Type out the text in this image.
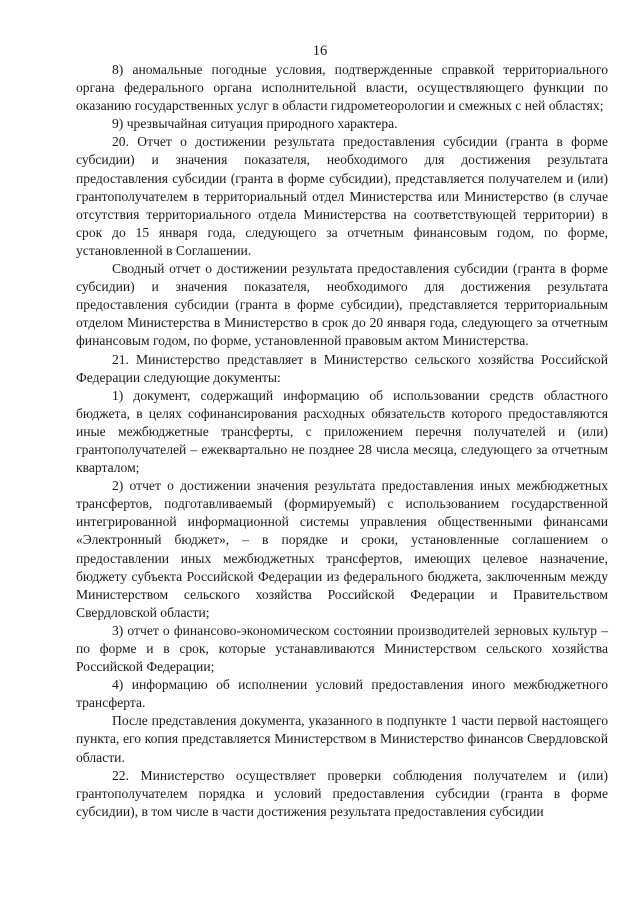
16

8) аномальные погодные условия, подтвержденные справкой территориального органа федерального органа исполнительной власти, осуществляющего функции по оказанию государственных услуг в области гидрометеорологии и смежных с ней областях;

9) чрезвычайная ситуация природного характера.

20. Отчет о достижении результата предоставления субсидии (гранта в форме субсидии) и значения показателя, необходимого для достижения результата предоставления субсидии (гранта в форме субсидии), представляется получателем и (или) грантополучателем в территориальный отдел Министерства или Министерство (в случае отсутствия территориального отдела Министерства на соответствующей территории) в срок до 15 января года, следующего за отчетным финансовым годом, по форме, установленной в Соглашении.

Сводный отчет о достижении результата предоставления субсидии (гранта в форме субсидии) и значения показателя, необходимого для достижения результата предоставления субсидии (гранта в форме субсидии), представляется территориальным отделом Министерства в Министерство в срок до 20 января года, следующего за отчетным финансовым годом, по форме, установленной правовым актом Министерства.

21. Министерство представляет в Министерство сельского хозяйства Российской Федерации следующие документы:

1) документ, содержащий информацию об использовании средств областного бюджета, в целях софинансирования расходных обязательств которого предоставляются иные межбюджетные трансферты, с приложением перечня получателей и (или) грантополучателей – ежеквартально не позднее 28 числа месяца, следующего за отчетным кварталом;

2) отчет о достижении значения результата предоставления иных межбюджетных трансфертов, подготавливаемый (формируемый) с использованием государственной интегрированной информационной системы управления общественными финансами «Электронный бюджет», – в порядке и сроки, установленные соглашением о предоставлении иных межбюджетных трансфертов, имеющих целевое назначение, бюджету субъекта Российской Федерации из федерального бюджета, заключенным между Министерством сельского хозяйства Российской Федерации и Правительством Свердловской области;

3) отчет о финансово-экономическом состоянии производителей зерновых культур – по форме и в срок, которые устанавливаются Министерством сельского хозяйства Российской Федерации;

4) информацию об исполнении условий предоставления иного межбюджетного трансферта.

После представления документа, указанного в подпункте 1 части первой настоящего пункта, его копия представляется Министерством в Министерство финансов Свердловской области.

22. Министерство осуществляет проверки соблюдения получателем и (или) грантополучателем порядка и условий предоставления субсидии (гранта в форме субсидии), в том числе в части достижения результата предоставления субсидии
